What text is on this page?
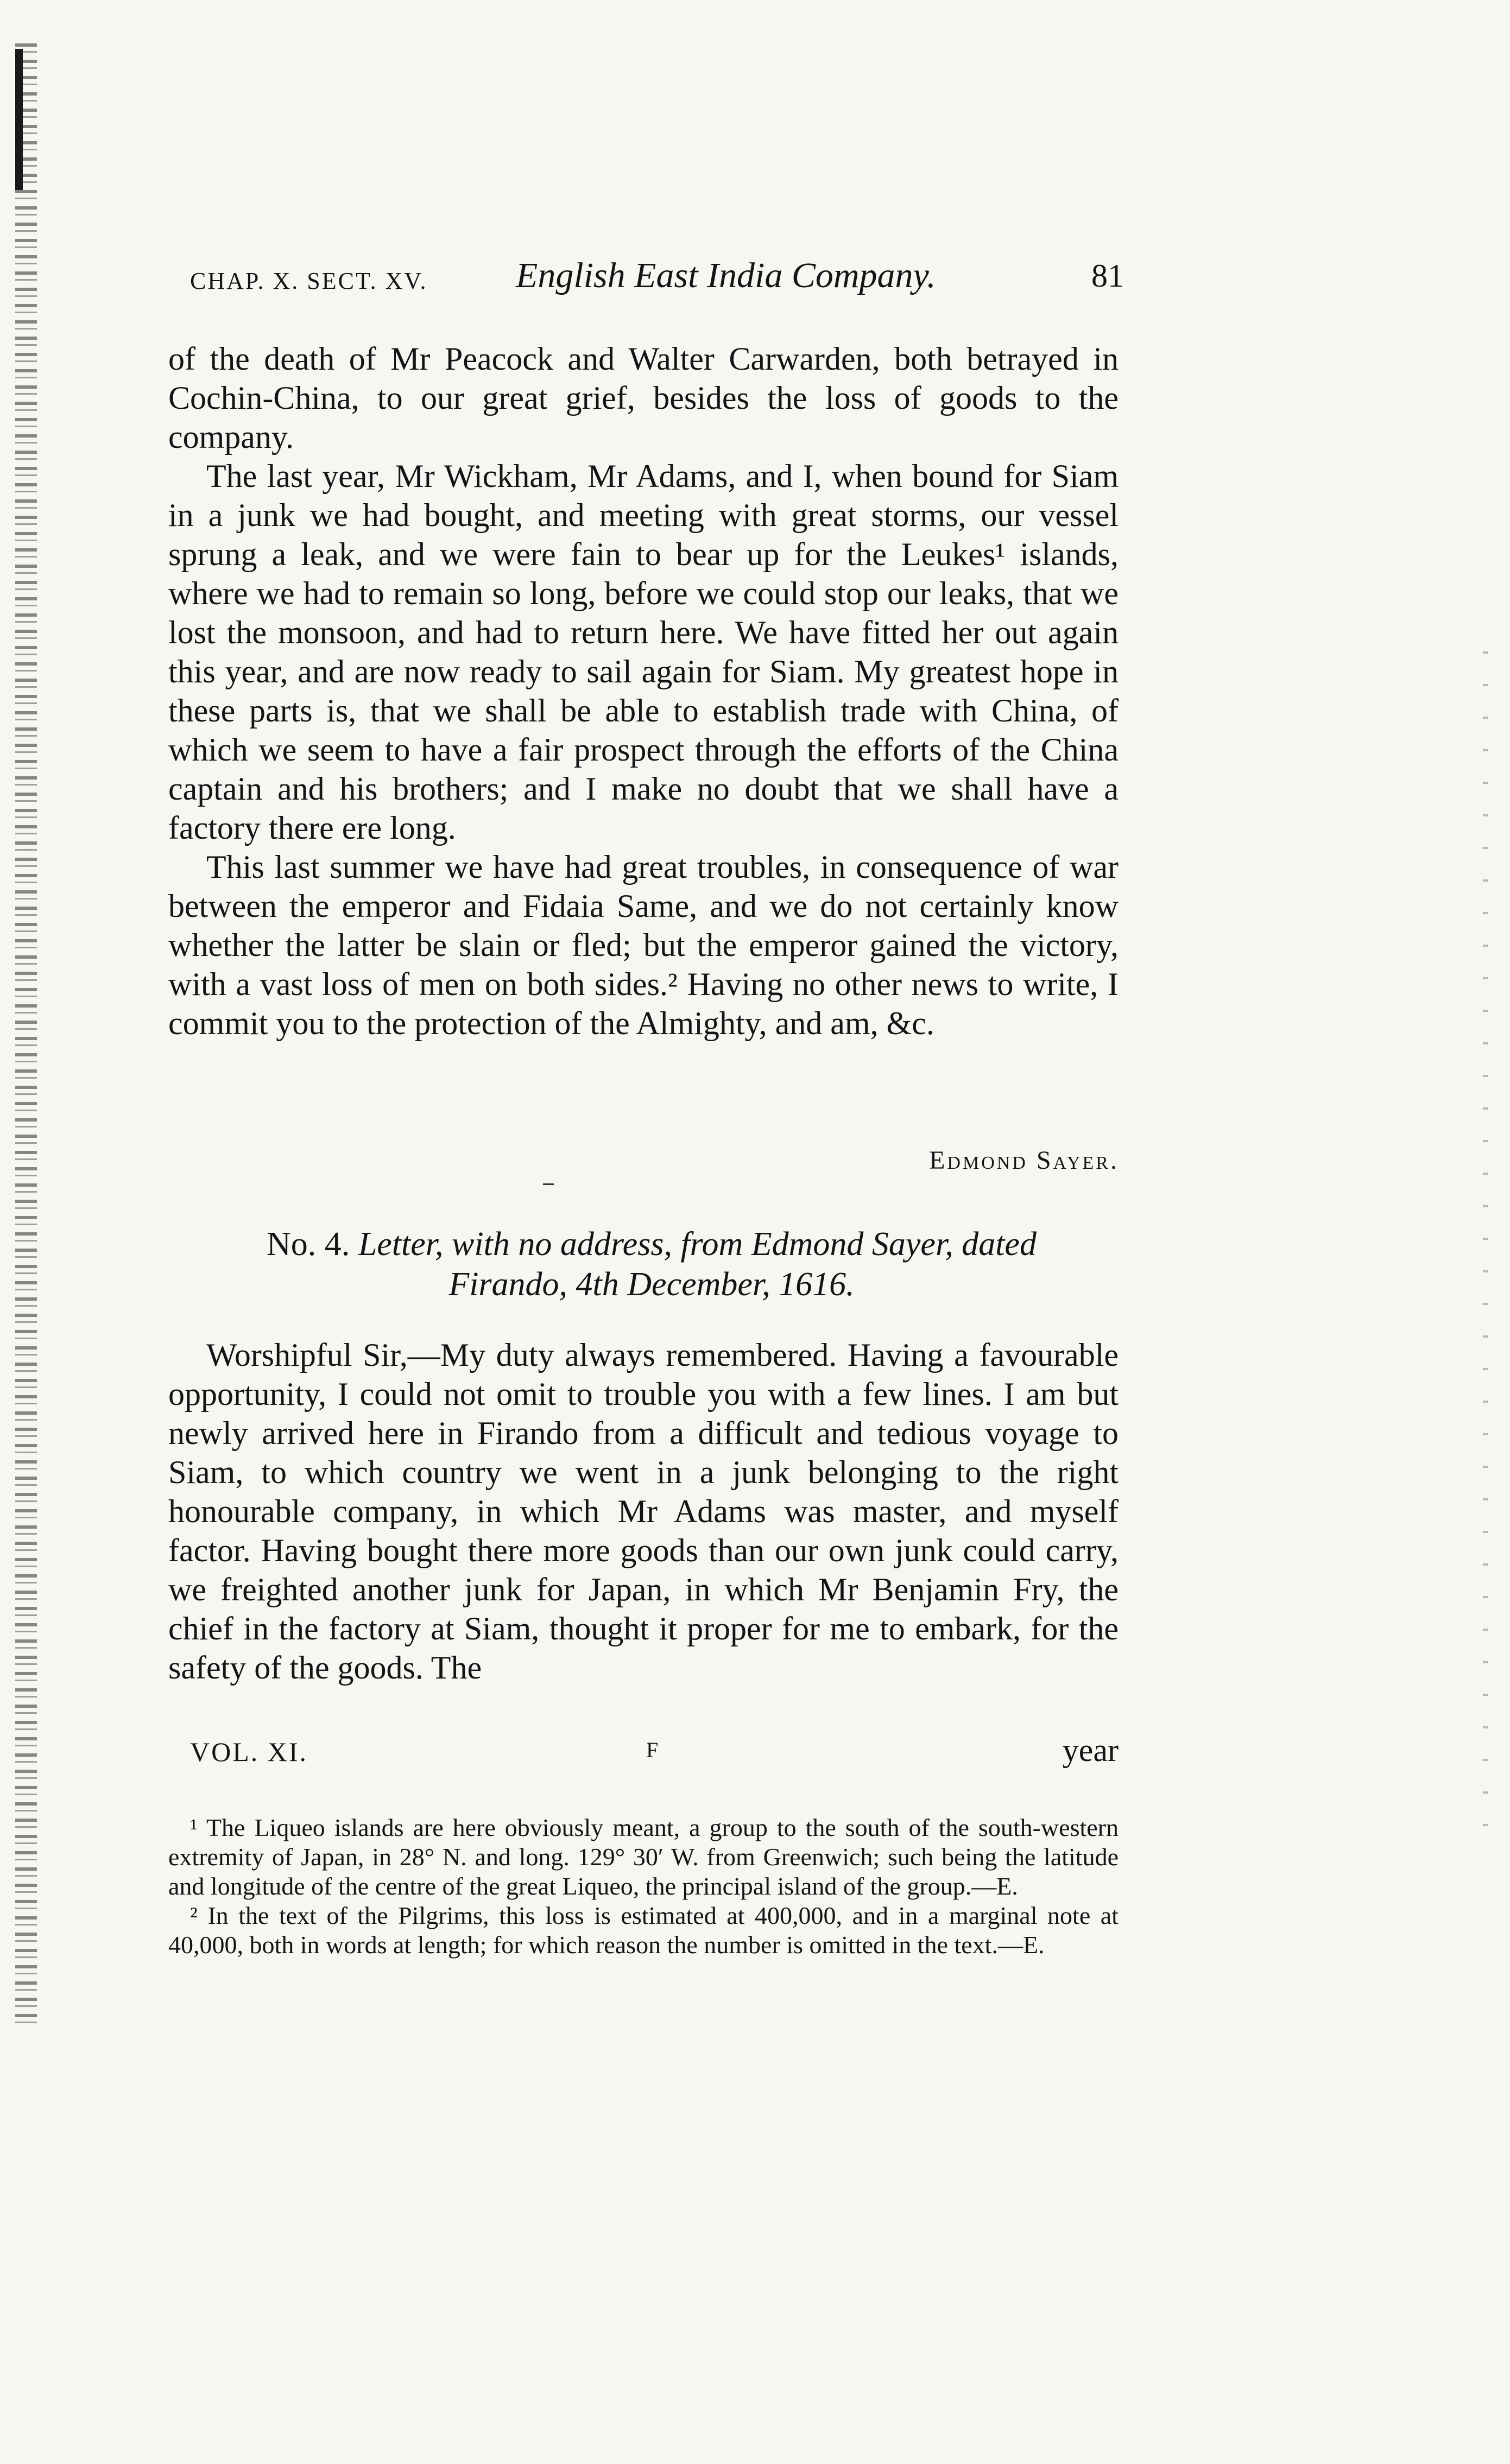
CHAP. X. SECT. XV. English East India Company.	81

of the death of Mr Peacock and Walter Carwarden, both betrayed in Cochin-China, to our great grief, besides the loss of goods to the company.

The last year, Mr Wickham, Mr Adams, and I, when bound for Siam in a junk we had bought, and meeting with great storms, our vessel sprung a leak, and we were fain to bear up for the Leukes¹ islands, where we had to remain so long, before we could stop our leaks, that we lost the monsoon, and had to return here. We have fitted her out again this year, and are now ready to sail again for Siam. My greatest hope in these parts is, that we shall be able to establish trade with China, of which we seem to have a fair prospect through the efforts of the China captain and his brothers; and I make no doubt that we shall have a factory there ere long.

This last summer we have had great troubles, in consequence of war between the emperor and Fidaia Same, and we do not certainly know whether the latter be slain or fled; but the emperor gained the victory, with a vast loss of men on both sides.² Having no other news to write, I commit you to the protection of the Almighty, and am, &c.

Edmond Sayer.
No. 4. Letter, with no address, from Edmond Sayer, dated
Firando, 4th December, 1616.

Worshipful Sir,—My duty always remembered. Having a favourable opportunity, I could not omit to trouble you with a few lines. I am but newly arrived here in Firando from a difficult and tedious voyage to Siam, to which country we went in a junk belonging to the right honourable company, in which Mr Adams was master, and myself factor. Having bought there more goods than our own junk could carry, we freighted another junk for Japan, in which Mr Benjamin Fry, the chief in the factory at Siam, thought it proper for me to embark, for the safety of the goods. The

VOL. XI.	F	year

¹ The Liqueo islands are here obviously meant, a group to the south of the south-western extremity of Japan, in 28° N. and long. 129° 30′ W. from Greenwich; such being the latitude and longitude of the centre of the great Liqueo, the principal island of the group.—E.

² In the text of the Pilgrims, this loss is estimated at 400,000, and in a marginal note at 40,000, both in words at length; for which reason the number is omitted in the text.—E.
